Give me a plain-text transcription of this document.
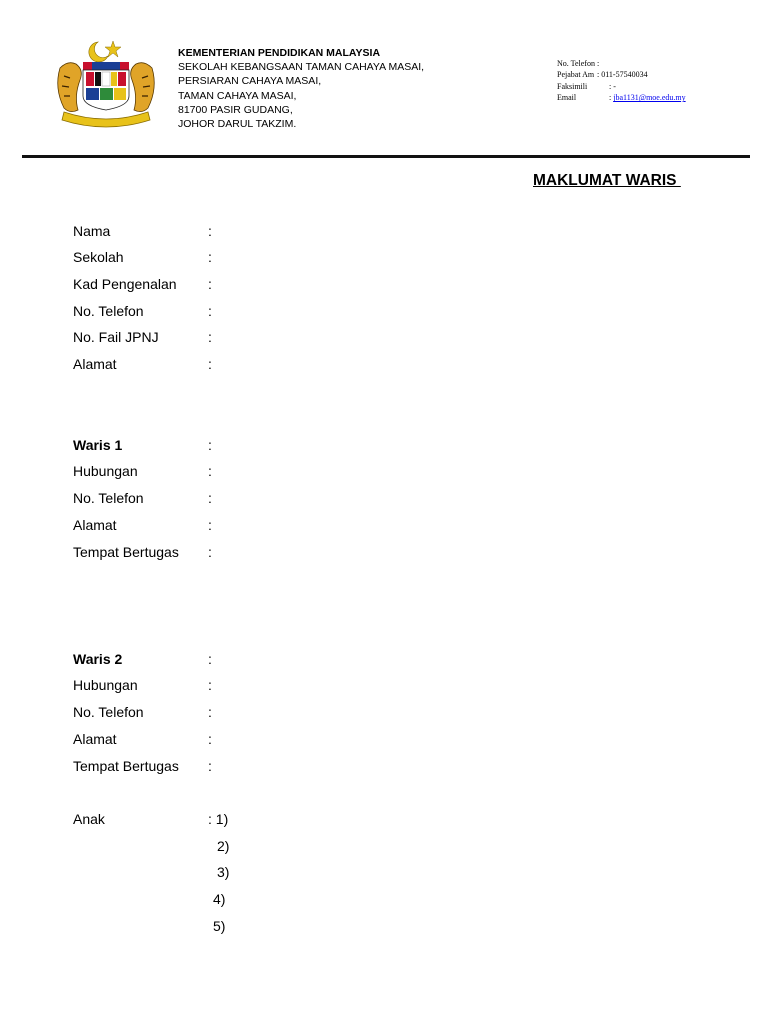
KEMENTERIAN PENDIDIKAN MALAYSIA
SEKOLAH KEBANGSAAN TAMAN CAHAYA MASAI,
PERSIARAN CAHAYA MASAI,
TAMAN CAHAYA MASAI,
81700 PASIR GUDANG,
JOHOR DARUL TAKZIM.
No. Telefon :
Pejabat Am : 011-57540034
Faksimili	: -
Email	: jba1131@moe.edu.my
MAKLUMAT WARIS
Nama	:
Sekolah	:
Kad Pengenalan :
No. Telefon	:
No. Fail JPNJ	:
Alamat	:
Waris 1	:
Hubungan	:
No. Telefon	:
Alamat	:
Tempat Bertugas :
Waris 2	:
Hubungan	:
No. Telefon	:
Alamat	:
Tempat Bertugas :
Anak	: 1)
2)
3)
4)
5)
